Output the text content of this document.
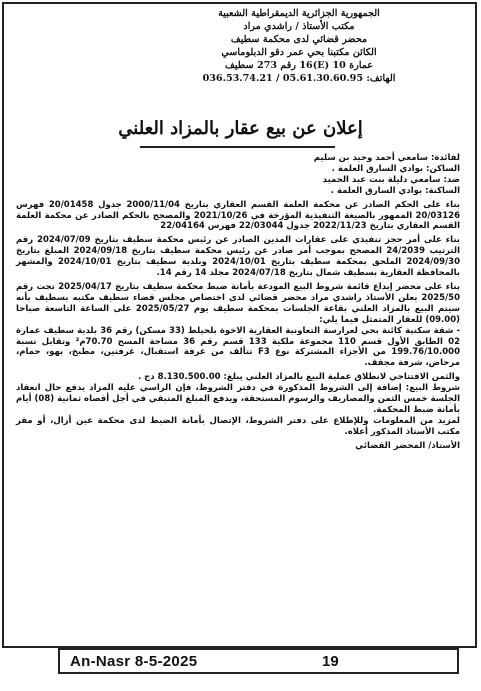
الجمهورية الجزائرية الديمقراطية الشعبية
مكتب الأستاذ / راشدي مراد
محضر قضائي لدى محكمة سطيف
الكائن مكتبنا بحي عمر دقو الدبلوماسي
عمارة 10 (E)16 رقم 273 سطيف
الهاتف: 05.61.30.60.95 / 036.53.74.21
إعلان عن بيع عقار بالمزاد العلني

لفائدة: سامعي أحمد وحيد بن سليم

الساكن: بوادي السارق العلمة .

ضد: سامعي دليلة بنت عبد الحميد

الساكنة: بوادي السارق العلمة .

بناء على الحكم الصادر عن محكمة العلمة القسم العقاري بتاريخ 2000/11/04 جدول 20/01458 فهرس 20/03126 الممهور بالصيغة التنفيذية المؤرخة في 2021/10/26 والمصحح بالحكم الصادر عن محكمة العلمة القسم العقاري بتاريخ 2022/11/23 جدول 22/03044 فهرس 22/04164

بناء على أمر حجز تنفيذي على عقارات المدين الصادر عن رئيس محكمة سطيف بتاريخ 2024/07/09 رقم الترتيب 24/2039 المصحح بموجب أمر صادر عن رئيس محكمة سطيف بتاريخ 2024/09/18 المبلغ بتاريخ 2024/09/30 الملحق بمحكمة سطيف بتاريخ 2024/10/01 وبلدية سطيف بتاريخ 2024/10/01 والمشهر بالمحافظة العقارية بسطيف شمال بتاريخ 2024/07/18 مجلد 14 رقم 14.

بناء على محضر إيداع قائمة شروط البيع المودعة بأمانة ضبط محكمة سطيف بتاريخ 2025/04/17 تحت رقم 2025/50 يعلن الأستاذ راشدي مراد محضر قضائي لدى اختصاص مجلس قضاء سطيف مكتبه بسطيف بأنه سيتم البيع بالمزاد العلني بقاعة الجلسات بمحكمة سطيف يوم 2025/05/27 على الساعة التاسعة صباحا (09.00) للعقار المتمثل فيما يلي:

- شقة سكنية كائنة بحي لعرارسة التعاونية العقارية الاخوة بلحيلط (33 مسكن) رقم 36 بلدية سطيف عمارة 02 الطابق الأول قسم 110 مجموعة ملكية 133 قسم رقم 36 مساحة المسح 70.70م² وتقابل نسبة 199.76/10.000 من الأجزاء المشتركة نوع F3 تتألف من غرفة استقبال، غرفتين، مطبخ، بهو، حمام، مرحاض، شرفة مجفف.

والثمن الافتتاحي لانطلاق عملية البيع بالمزاد العلني يبلغ: 8.130.500.00 دج .

شروط البيع: إضافة إلى الشروط المذكورة في دفتر الشروط، فإن الراسي عليه المزاد يدفع حال انعقاد الجلسة خمس الثمن والمصاريف والرسوم المستحقة، ويدفع المبلغ المتبقي في أجل أقصاه ثمانية (08) أيام بأمانة ضبط المحكمة.

لمزيد من المعلومات وللإطلاع على دفتر الشروط، الإتصال بأمانة الضبط لدى محكمة عين أزال، أو مقر مكتب الأستاذ المذكور أعلاه.

الأستاذ/ المحضر القضائي

An-Nasr 8-5-2025	19
